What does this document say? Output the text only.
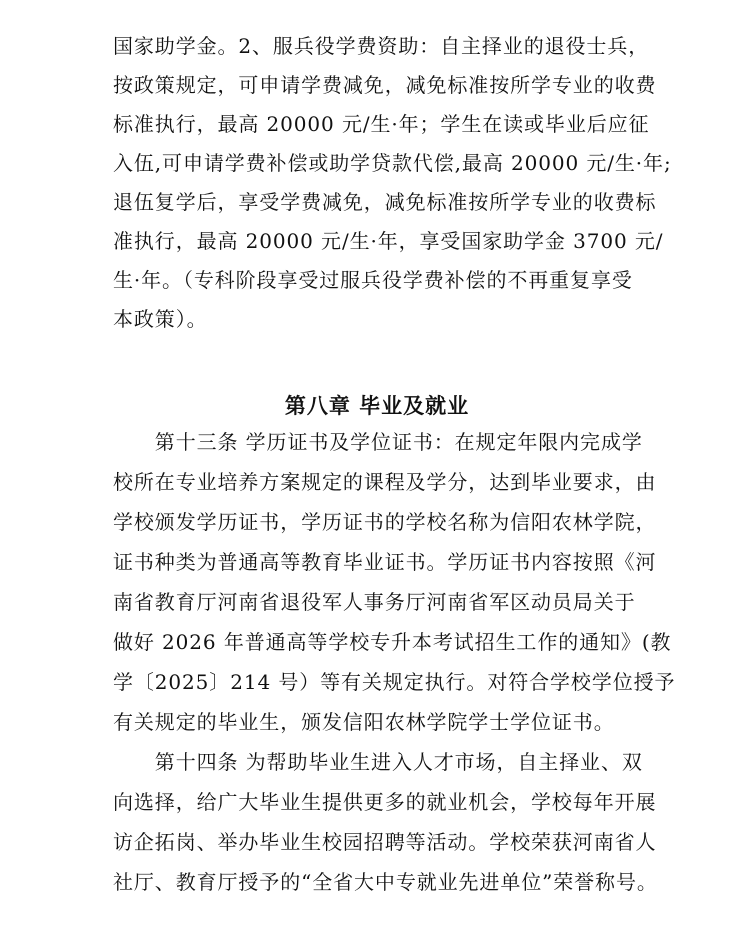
国家助学金。2、服兵役学费资助：自主择业的退役士兵，
按政策规定，可申请学费减免，减免标准按所学专业的收费
标准执行，最高 20000 元/生·年；学生在读或毕业后应征
入伍,可申请学费补偿或助学贷款代偿,最高 20000 元/生·年;
退伍复学后，享受学费减免，减免标准按所学专业的收费标
准执行，最高 20000 元/生·年，享受国家助学金 3700 元/
生·年。（专科阶段享受过服兵役学费补偿的不再重复享受
本政策）。
第八章 毕业及就业
　　第十三条 学历证书及学位证书：在规定年限内完成学
校所在专业培养方案规定的课程及学分，达到毕业要求，由
学校颁发学历证书，学历证书的学校名称为信阳农林学院，
证书种类为普通高等教育毕业证书。学历证书内容按照《河
南省教育厅河南省退役军人事务厅河南省军区动员局关于
做好 2026 年普通高等学校专升本考试招生工作的通知》(教
学〔2025〕214 号）等有关规定执行。对符合学校学位授予
有关规定的毕业生，颁发信阳农林学院学士学位证书。
　　第十四条 为帮助毕业生进入人才市场，自主择业、双
向选择，给广大毕业生提供更多的就业机会，学校每年开展
访企拓岗、举办毕业生校园招聘等活动。学校荣获河南省人
社厅、教育厅授予的“全省大中专就业先进单位”荣誉称号。
